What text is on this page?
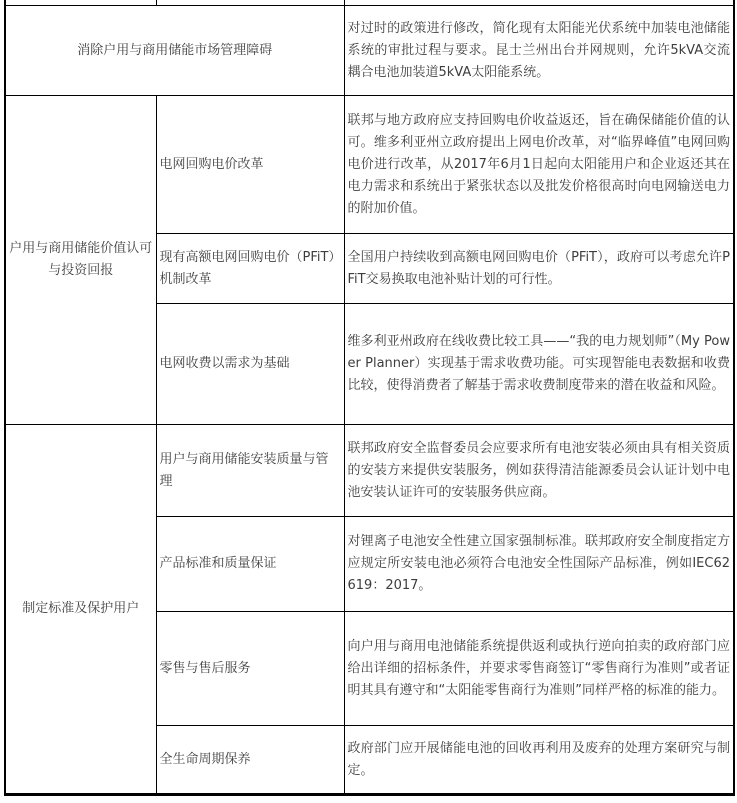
消除户用与商用储能市场管理障碍		对过时的政策进行修改，简化现有太阳能光伏系统中加装电池储能系统的审批过程与要求。昆士兰州出台并网规则，允许5kVA交流耦合电池加装道5kVA太阳能系统。
户用与商用储能价值认可与投资回报	电网回购电价改革	联邦与地方政府应支持回购电价收益返还，旨在确保储能价值的认可。维多利亚州立政府提出上网电价改革，对“临界峰值”电网回购电价进行改革，从2017年6月1日起向太阳能用户和企业返还其在电力需求和系统出于紧张状态以及批发价格很高时向电网输送电力的附加价值。
	现有高额电网回购电价（PFiT）机制改革	全国用户持续收到高额电网回购电价（PFiT），政府可以考虑允许PFiT交易换取电池补贴计划的可行性。
	电网收费以需求为基础	维多利亚州政府在线收费比较工具——“我的电力规划师”（My Power Planner）实现基于需求收费功能。可实现智能电表数据和收费比较，使得消费者了解基于需求收费制度带来的潜在收益和风险。
制定标准及保护用户	用户与商用储能安装质量与管理	联邦政府安全监督委员会应要求所有电池安装必须由具有相关资质的安装方来提供安装服务，例如获得清洁能源委员会认证计划中电池安装认证许可的安装服务供应商。
	产品标准和质量保证	对锂离子电池安全性建立国家强制标准。联邦政府安全制度指定方应规定所安装电池必须符合电池安全性国际产品标准，例如IEC62619：2017。
	零售与售后服务	向户用与商用电池储能系统提供返利或执行逆向拍卖的政府部门应给出详细的招标条件，并要求零售商签订“零售商行为准则”或者证明其具有遵守和“太阳能零售商行为准则”同样严格的标准的能力。
	全生命周期保养	政府部门应开展储能电池的回收再利用及废弃的处理方案研究与制定。
